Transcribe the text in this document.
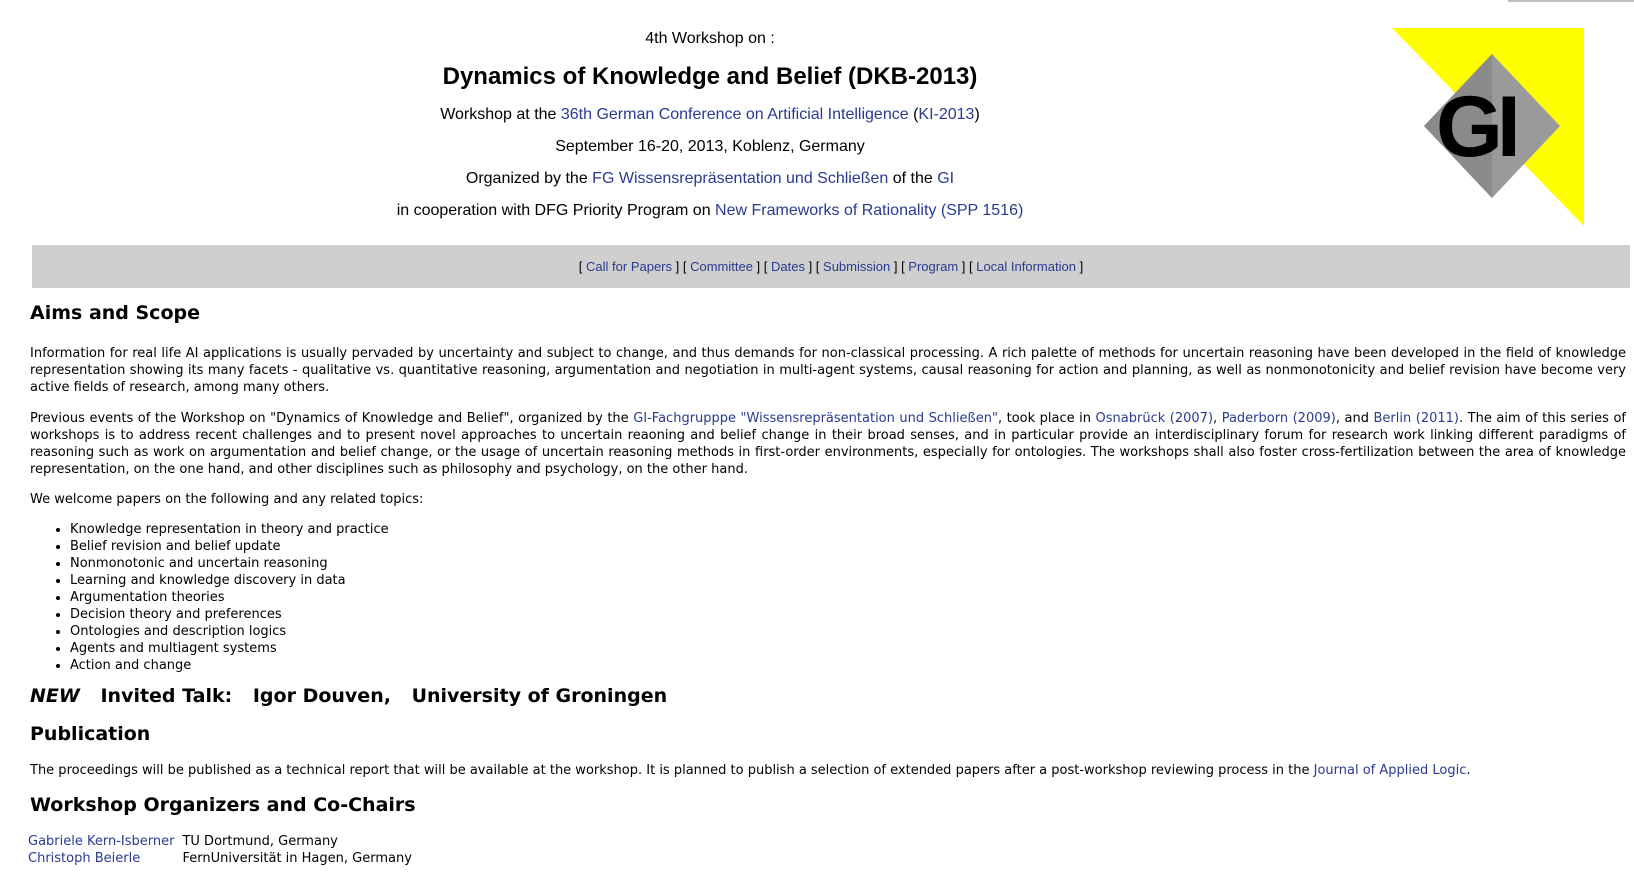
4th Workshop on :
Dynamics of Knowledge and Belief (DKB-2013)
Workshop at the 36th German Conference on Artificial Intelligence (KI-2013)
September 16-20, 2013, Koblenz, Germany
Organized by the FG Wissensrepräsentation und Schließen of the GI
in cooperation with DFG Priority Program on New Frameworks of Rationality (SPP 1516)
GI
[ Call for Papers ] [ Committee ] [ Dates ] [ Submission ] [ Program ] [ Local Information ]
Aims and Scope

Information for real life AI applications is usually pervaded by uncertainty and subject to change, and thus demands for non-classical processing. A rich palette of methods for uncertain reasoning have been developed in the field of knowledge representation showing its many facets - qualitative vs. quantitative reasoning, argumentation and negotiation in multi-agent systems, causal reasoning for action and planning, as well as nonmonotonicity and belief revision have become very active fields of research, among many others.

Previous events of the Workshop on "Dynamics of Knowledge and Belief", organized by the GI-Fachgrupppe "Wissensrepräsentation und Schließen", took place in Osnabrück (2007), Paderborn (2009), and Berlin (2011). The aim of this series of workshops is to address recent challenges and to present novel approaches to uncertain reaoning and belief change in their broad senses, and in particular provide an interdisciplinary forum for research work linking different paradigms of reasoning such as work on argumentation and belief change, or the usage of uncertain reasoning methods in first-order environments, especially for ontologies. The workshops shall also foster cross-fertilization between the area of knowledge representation, on the one hand, and other disciplines such as philosophy and psychology, on the other hand.

We welcome papers on the following and any related topics:

• Knowledge representation in theory and practice
• Belief revision and belief update
• Nonmonotonic and uncertain reasoning
• Learning and knowledge discovery in data
• Argumentation theories
• Decision theory and preferences
• Ontologies and description logics
• Agents and multiagent systems
• Action and change
NEW Invited Talk: Igor Douven, University of Groningen
Publication

The proceedings will be published as a technical report that will be available at the workshop. It is planned to publish a selection of extended papers after a post-workshop reviewing process in the Journal of Applied Logic.

Workshop Organizers and Co-Chairs
Gabriele Kern-Isberner	TU Dortmund, Germany
Christoph Beierle	FernUniversität in Hagen, Germany
